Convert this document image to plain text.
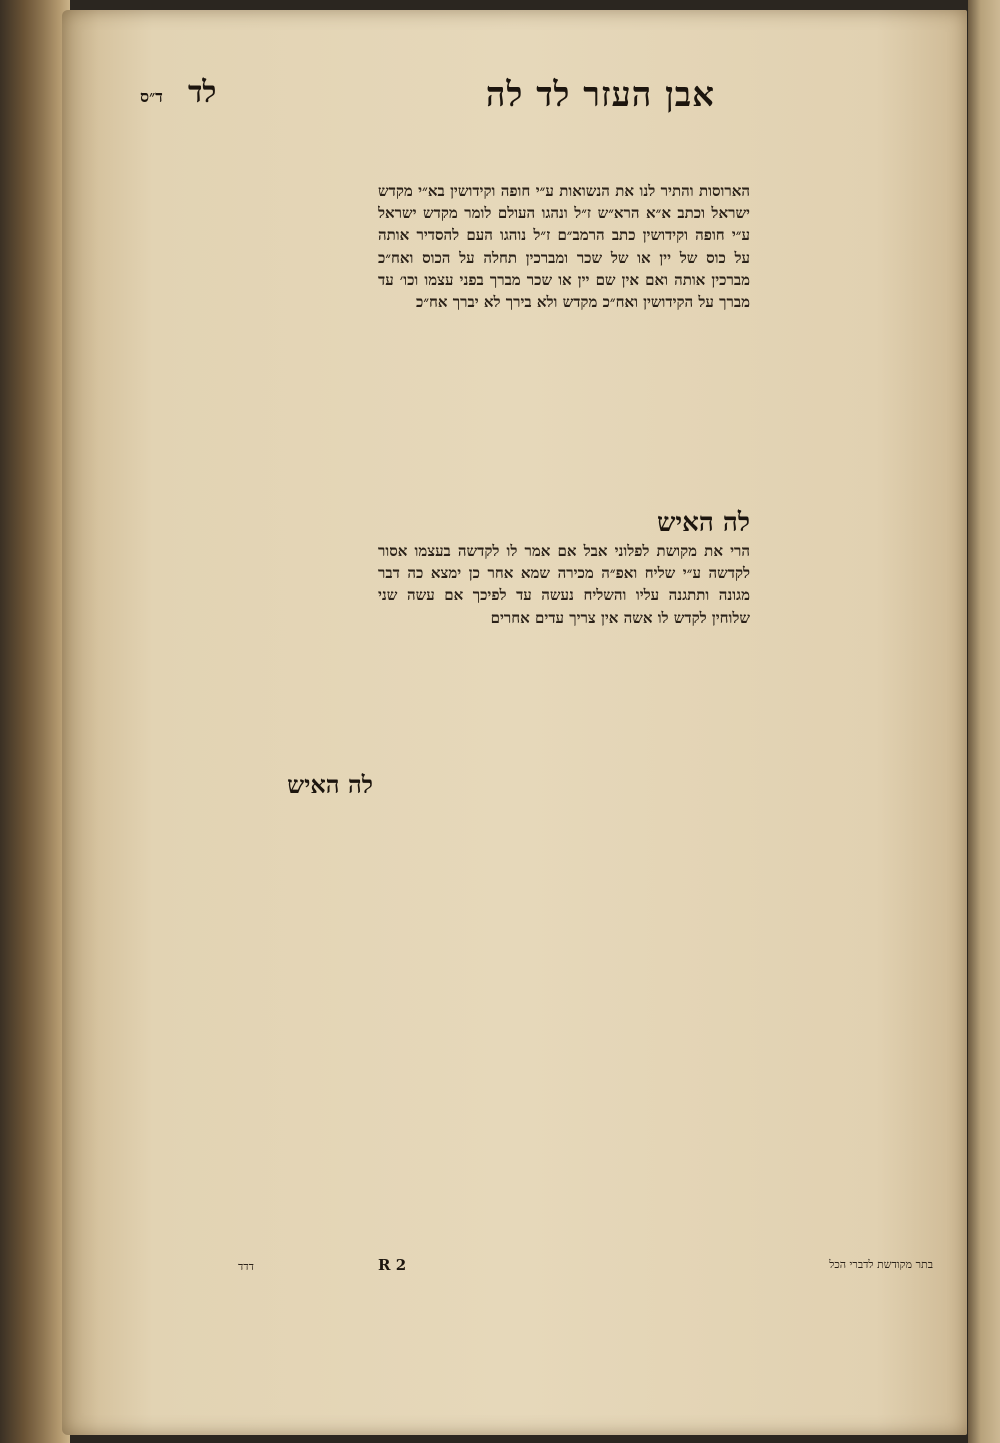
אבן העזר לד לה
לד
ד״ס
הארוסות והתיר לנו את הנשואות ע״י חופה וקידושין בא״י מקדש ישראל וכתב א״א הרא״ש ז״ל ונהגו העולם לומר מקדש ישראל ע״י חופה וקידושין כתב הרמב״ם ז״ל נוהגו העם להסדיר אותה על כוס של יין או של שכר ומברכין תחלה על הכוס ואח״כ מברכין אותה ואם אין שם יין או שכר מברך בפני עצמו וכו׳ עד מברך על הקידושין ואח״כ מקדש ולא בירך לא יברך אח״כ
לה האיש
הרי את מקושת לפלוני אבל אם אמר לו לקדשה בעצמו אסור לקדשה ע״י שליח ואפ״ה מכירה שמא אחר כן ימצא כה דבר מגונה ותתגנה עליו והשליח נעשה עד לפיכך אם עשה שני שלוחין לקדש לו אשה אין צריך עדים אחרים
לה האיש
בתר מקודשת לדברי הכל
R 2
דדד
